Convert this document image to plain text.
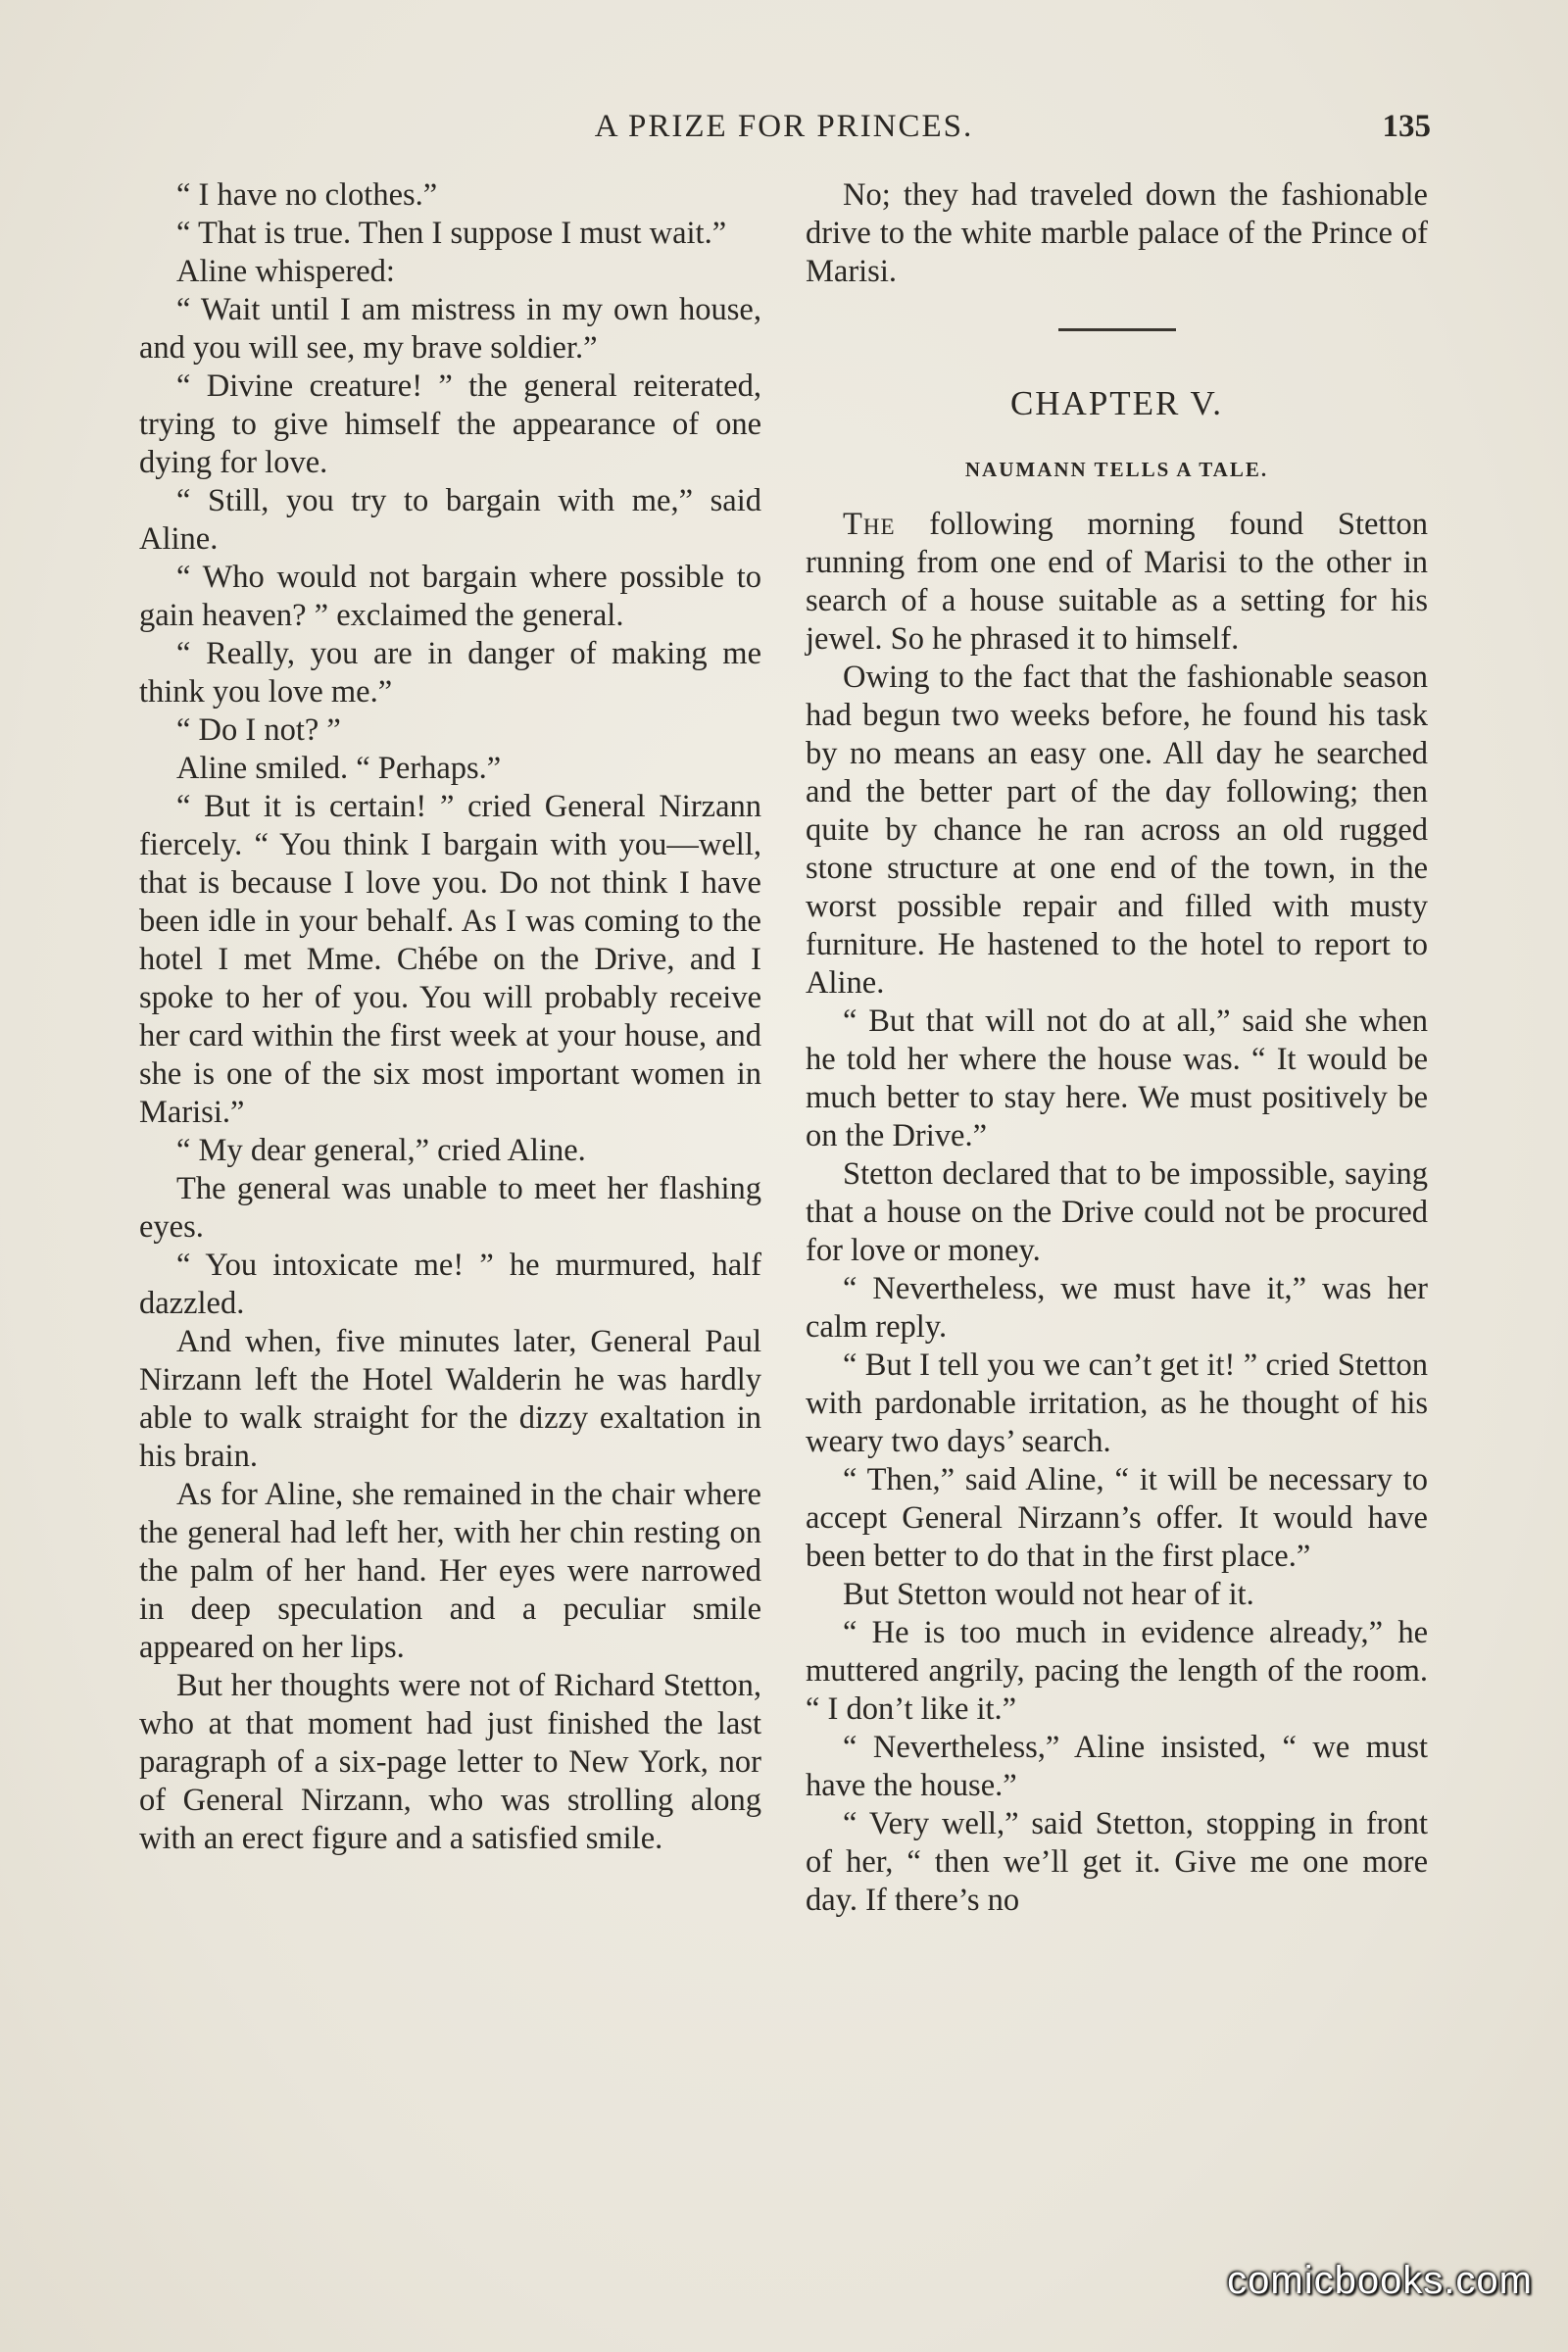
A PRIZE FOR PRINCES.	135

“ I have no clothes.”

“ That is true. Then I suppose I must wait.”

Aline whispered:

“ Wait until I am mistress in my own house, and you will see, my brave soldier.”

“ Divine creature! ” the general reiterated, trying to give himself the appearance of one dying for love.

“ Still, you try to bargain with me,” said Aline.

“ Who would not bargain where possible to gain heaven? ” exclaimed the general.

“ Really, you are in danger of making me think you love me.”

“ Do I not? ”

Aline smiled. “ Perhaps.”

“ But it is certain! ” cried General Nirzann fiercely. “ You think I bargain with you—well, that is because I love you. Do not think I have been idle in your behalf. As I was coming to the hotel I met Mme. Chébe on the Drive, and I spoke to her of you. You will probably receive her card within the first week at your house, and she is one of the six most important women in Marisi.”

“ My dear general,” cried Aline.

The general was unable to meet her flashing eyes.

“ You intoxicate me! ” he murmured, half dazzled.

And when, five minutes later, General Paul Nirzann left the Hotel Walderin he was hardly able to walk straight for the dizzy exaltation in his brain.

As for Aline, she remained in the chair where the general had left her, with her chin resting on the palm of her hand. Her eyes were narrowed in deep speculation and a peculiar smile appeared on her lips.

But her thoughts were not of Richard Stetton, who at that moment had just finished the last paragraph of a six-page letter to New York, nor of General Nirzann, who was strolling along with an erect figure and a satisfied smile.

No; they had traveled down the fashionable drive to the white marble palace of the Prince of Marisi.

CHAPTER V.
NAUMANN TELLS A TALE.

The following morning found Stetton running from one end of Marisi to the other in search of a house suitable as a setting for his jewel. So he phrased it to himself.

Owing to the fact that the fashionable season had begun two weeks before, he found his task by no means an easy one. All day he searched and the better part of the day following; then quite by chance he ran across an old rugged stone structure at one end of the town, in the worst possible repair and filled with musty furniture. He hastened to the hotel to report to Aline.

“ But that will not do at all,” said she when he told her where the house was. “ It would be much better to stay here. We must positively be on the Drive.”

Stetton declared that to be impossible, saying that a house on the Drive could not be procured for love or money.

“ Nevertheless, we must have it,” was her calm reply.

“ But I tell you we can’t get it! ” cried Stetton with pardonable irritation, as he thought of his weary two days’ search.

“ Then,” said Aline, “ it will be necessary to accept General Nirzann’s offer. It would have been better to do that in the first place.”

But Stetton would not hear of it.

“ He is too much in evidence already,” he muttered angrily, pacing the length of the room. “ I don’t like it.”

“ Nevertheless,” Aline insisted, “ we must have the house.”

“ Very well,” said Stetton, stopping in front of her, “ then we’ll get it. Give me one more day. If there’s no

comicbooks.com
